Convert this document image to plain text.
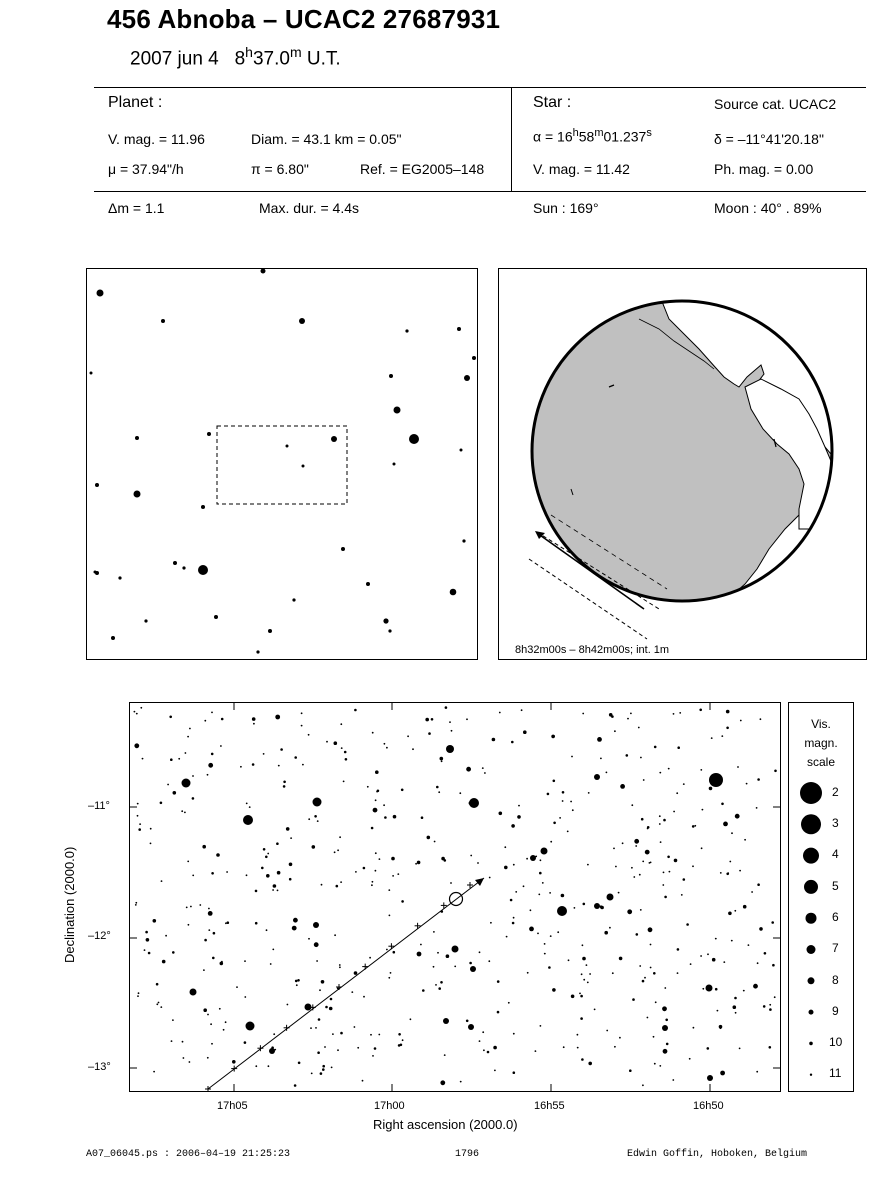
456 Abnoba – UCAC2 27687931
2007 jun 4 8$^h$37.0$^m$ U.T.
Planet :
V. mag. = 11.96	Diam. = 43.1 km = 0.05"
μ = 37.94"/h	π = 6.80"	Ref. = EG2005–148
Δm = 1.1	Max. dur. = 4.4s
Star :	Source cat. UCAC2
$\alpha = 16^h58^m01.237^s$	δ = –11°41'20.18"
V. mag. = 11.42	Ph. mag. = 0.00
Sun : 169°	Moon : 40° . 89%
8h32m00s – 8h42m00s; int. 1m
–11°
–12°
–13°
17h05	17h00	16h55	16h50
Right ascension (2000.0)
Declination (2000.0)
Vis.
magn.
scale
2
3
4
5
6
7
8
9
10
11
A07_06045.ps : 2006–04–19 21:25:23	1796	Edwin Goffin, Hoboken, Belgium
